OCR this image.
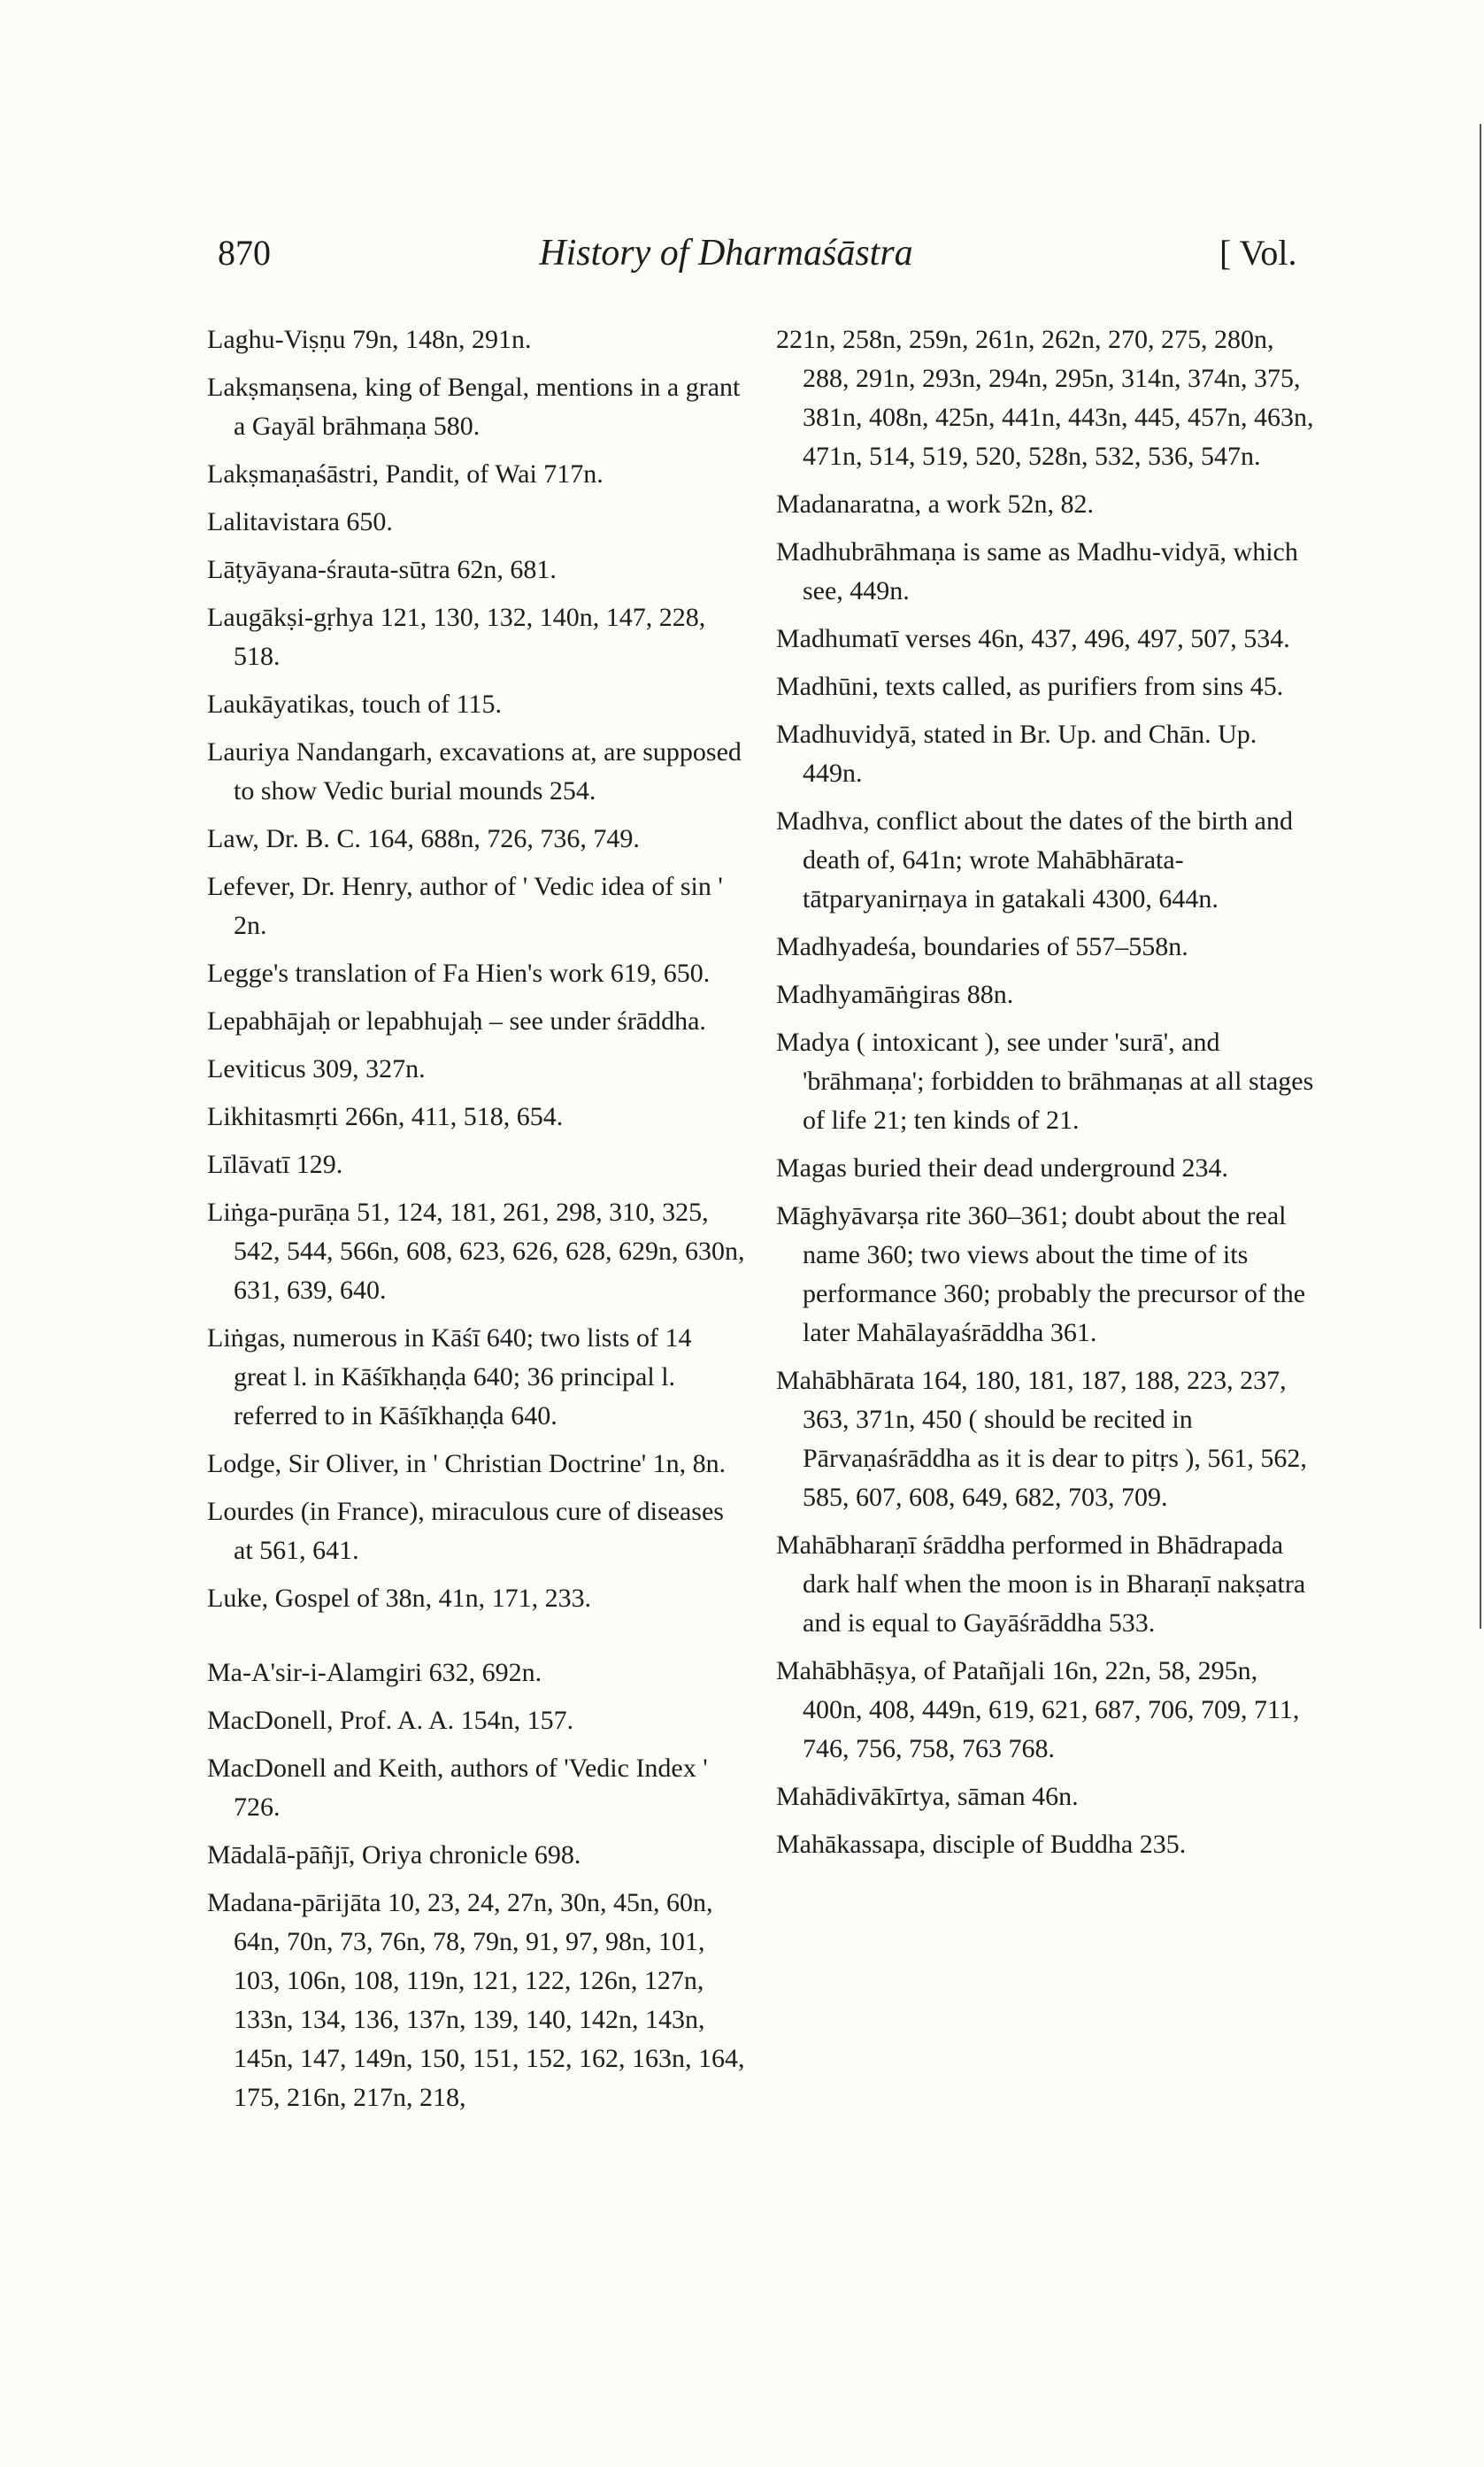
870	History of Dharmaśāstra	[ Vol.
Laghu-Viṣṇu 79n, 148n, 291n.
Lakṣmaṇsena, king of Bengal, mentions in a grant a Gayāl brāhmaṇa 580.
Lakṣmaṇaśāstri, Pandit, of Wai 717n.
Lalitavistara 650.
Lāṭyāyana-śrauta-sūtra 62n, 681.
Laugākṣi-gṛhya 121, 130, 132, 140n, 147, 228, 518.
Laukāyatikas, touch of 115.
Lauriya Nandangarh, excavations at, are supposed to show Vedic burial mounds 254.
Law, Dr. B. C. 164, 688n, 726, 736, 749.
Lefever, Dr. Henry, author of ' Vedic idea of sin ' 2n.
Legge's translation of Fa Hien's work 619, 650.
Lepabhājaḥ or lepabhujaḥ – see under śrāddha.
Leviticus 309, 327n.
Likhitasmṛti 266n, 411, 518, 654.
Līlāvatī 129.
Liṅga-purāṇa 51, 124, 181, 261, 298, 310, 325, 542, 544, 566n, 608, 623, 626, 628, 629n, 630n, 631, 639, 640.
Liṅgas, numerous in Kāśī 640; two lists of 14 great l. in Kāśīkhaṇḍa 640; 36 principal l. referred to in Kāśīkhaṇḍa 640.
Lodge, Sir Oliver, in ' Christian Doctrine' 1n, 8n.
Lourdes (in France), miraculous cure of diseases at 561, 641.
Luke, Gospel of 38n, 41n, 171, 233.
Ma-A'sir-i-Alamgiri 632, 692n.
MacDonell, Prof. A. A. 154n, 157.
MacDonell and Keith, authors of 'Vedic Index ' 726.
Mādalā-pāñjī, Oriya chronicle 698.
Madana-pārijāta 10, 23, 24, 27n, 30n, 45n, 60n, 64n, 70n, 73, 76n, 78, 79n, 91, 97, 98n, 101, 103, 106n, 108, 119n, 121, 122, 126n, 127n, 133n, 134, 136, 137n, 139, 140, 142n, 143n, 145n, 147, 149n, 150, 151, 152, 162, 163n, 164, 175, 216n, 217n, 218,
221n, 258n, 259n, 261n, 262n, 270, 275, 280n, 288, 291n, 293n, 294n, 295n, 314n, 374n, 375, 381n, 408n, 425n, 441n, 443n, 445, 457n, 463n, 471n, 514, 519, 520, 528n, 532, 536, 547n.
Madanaratna, a work 52n, 82.
Madhubrāhmaṇa is same as Madhu-vidyā, which see, 449n.
Madhumatī verses 46n, 437, 496, 497, 507, 534.
Madhūni, texts called, as purifiers from sins 45.
Madhuvidyā, stated in Br. Up. and Chān. Up. 449n.
Madhva, conflict about the dates of the birth and death of, 641n; wrote Mahābhārata-tātparyanirṇaya in gatakali 4300, 644n.
Madhyadeśa, boundaries of 557–558n.
Madhyamāṅgiras 88n.
Madya ( intoxicant ), see under 'surā', and 'brāhmaṇa'; forbidden to brāhmaṇas at all stages of life 21; ten kinds of 21.
Magas buried their dead underground 234.
Māghyāvarṣa rite 360–361; doubt about the real name 360; two views about the time of its performance 360; probably the precursor of the later Mahālayaśrāddha 361.
Mahābhārata 164, 180, 181, 187, 188, 223, 237, 363, 371n, 450 ( should be recited in Pārvaṇaśrāddha as it is dear to pitṛs ), 561, 562, 585, 607, 608, 649, 682, 703, 709.
Mahābharaṇī śrāddha performed in Bhādrapada dark half when the moon is in Bharaṇī nakṣatra and is equal to Gayāśrāddha 533.
Mahābhāṣya, of Patañjali 16n, 22n, 58, 295n, 400n, 408, 449n, 619, 621, 687, 706, 709, 711, 746, 756, 758, 763 768.
Mahādivākīrtya, sāman 46n.
Mahākassapa, disciple of Buddha 235.
